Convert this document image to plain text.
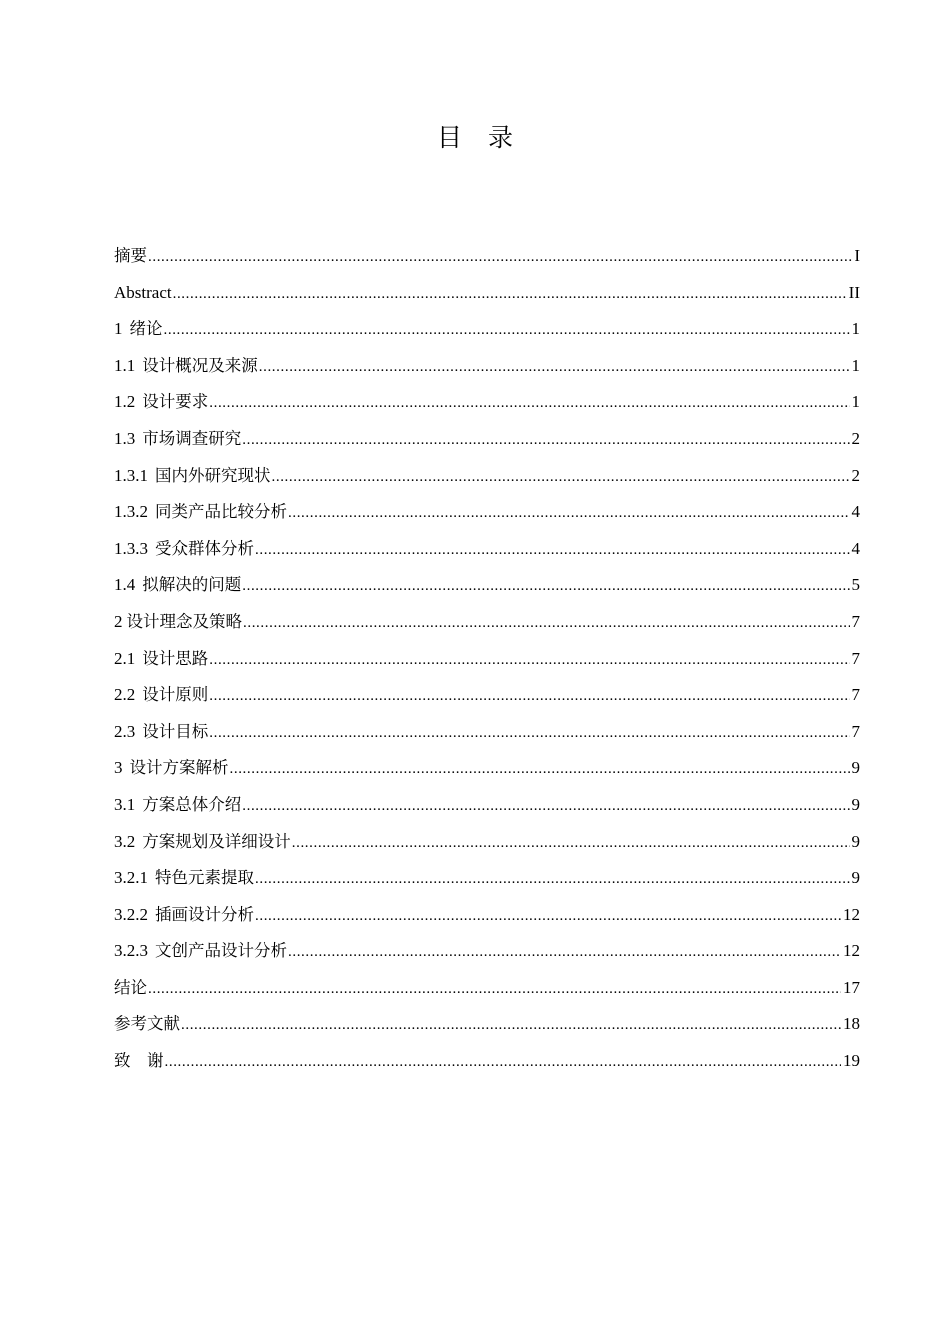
目 录
摘要 .....	I
Abstract .....	II
1 绪论 .....	1
1.1 设计概况及来源 .....	1
1.2 设计要求 .....	1
1.3 市场调查研究 .....	2
1.3.1 国内外研究现状 .....	2
1.3.2 同类产品比较分析 .....	4
1.3.3 受众群体分析 .....	4
1.4 拟解决的问题 .....	5
2 设计理念及策略 .....	7
2.1 设计思路 .....	7
2.2 设计原则 .....	7
2.3 设计目标 .....	7
3 设计方案解析 .....	9
3.1 方案总体介绍 .....	9
3.2 方案规划及详细设计 .....	9
3.2.1 特色元素提取 .....	9
3.2.2 插画设计分析 .....	12
3.2.3 文创产品设计分析 .....	12
结论 .....	17
参考文献 .....	18
致　谢 .....	19
